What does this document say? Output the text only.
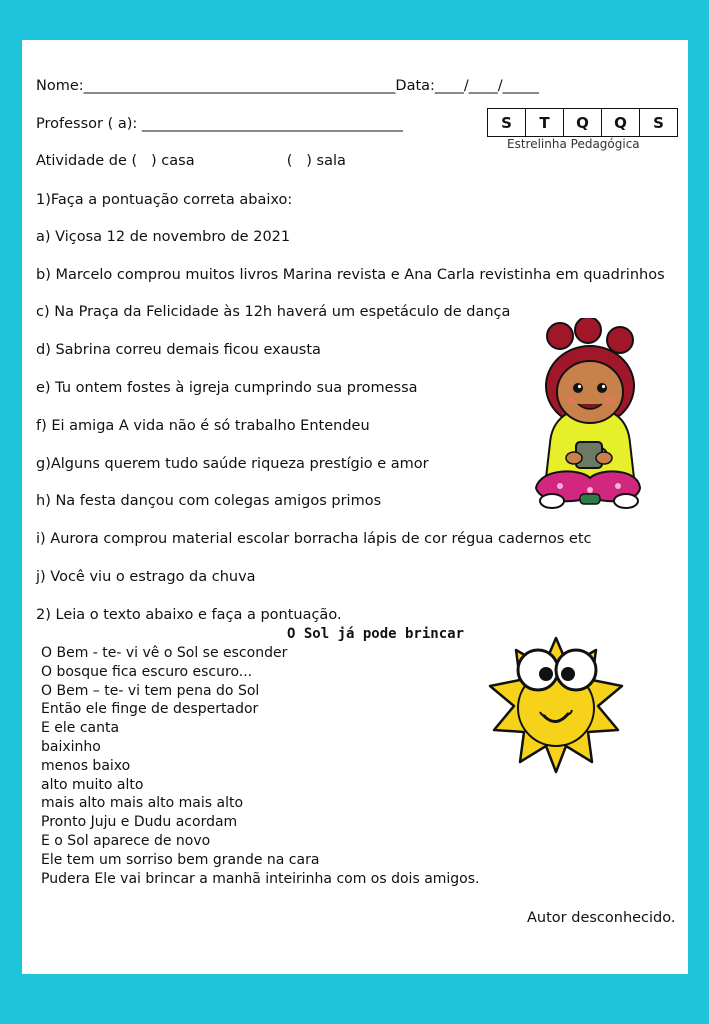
Nome:___________________________________________Data:____/____/_____
Professor ( a): ____________________________________	S	T	Q	Q	S
Estrelinha Pedagógica
Atividade de (   ) casa                    (   ) sala
1)Faça a pontuação correta abaixo:
a) Viçosa 12 de novembro de 2021
b) Marcelo comprou muitos livros Marina revista e Ana Carla revistinha em quadrinhos
c) Na Praça da Felicidade às 12h haverá um espetáculo de dança
d) Sabrina correu demais ficou exausta
e) Tu ontem fostes à igreja cumprindo sua promessa
f) Ei amiga A vida não é só trabalho Entendeu
g)Alguns querem tudo saúde riqueza prestígio e amor
h) Na festa dançou com colegas amigos primos
i) Aurora comprou material escolar borracha lápis de cor régua cadernos etc
j) Você viu o estrago da chuva
2) Leia o texto abaixo e faça a pontuação.
O Sol já pode brincar
O Bem - te- vi vê o Sol se esconder
O bosque fica escuro escuro...
O Bem – te- vi tem pena do Sol
Então ele finge de despertador
E ele canta
baixinho
menos baixo
alto muito alto
mais alto mais alto mais alto
Pronto Juju e Dudu acordam
E o Sol aparece de novo
Ele tem um sorriso bem grande na cara
Pudera Ele vai brincar a manhã inteirinha com os dois amigos.
Autor desconhecido.
